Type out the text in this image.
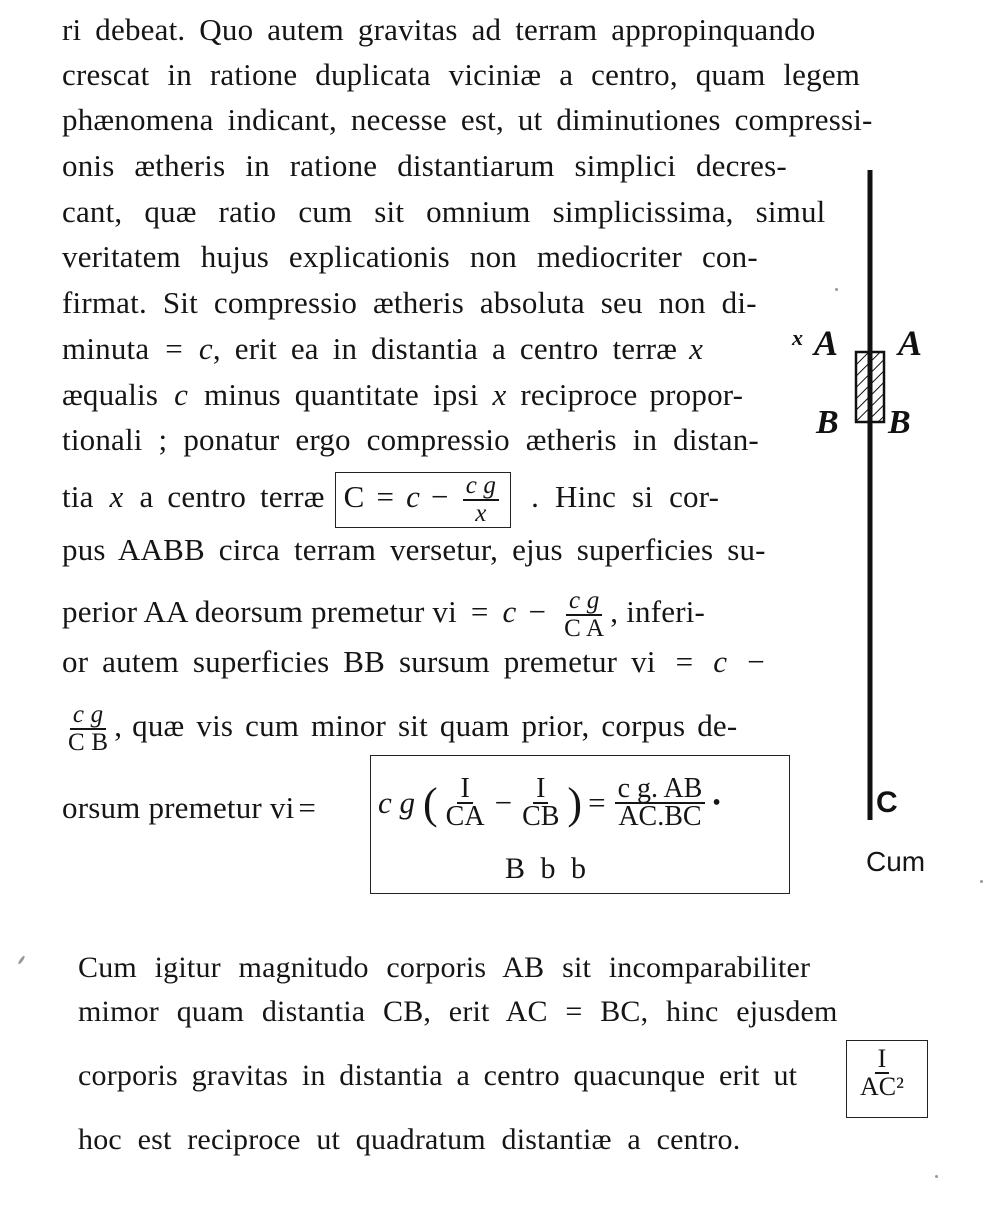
ri debeat. Quo autem gravitas ad terram appropinquando
crescat in ratione duplicata viciniæ a centro, quam legem
phænomena indicant, necesse est, ut diminutiones compressi-
onis ætheris in ratione distantiarum simplici decres-
cant, quæ ratio cum sit omnium simplicissima, simul
veritatem hujus explicationis non mediocriter con-
firmat. Sit compressio ætheris absoluta seu non di-
minuta = c, erit ea in distantia a centro terræ x
æqualis c minus quantitate ipsi x reciproce propor-
tionali ; ponatur ergo compressio ætheris in distan-
tia x a centro terræ $C = c - \frac{\text{c g}}{x}$ . Hinc si cor-
pus AABB circa terram versetur, ejus superficies su-
perior AA deorsum premetur vi = $c - \frac{\text{c g}}{\text{C A}}$ , inferi-
or autem superficies BB sursum premetur vi = c −
$\frac{\text{c g}}{\text{C B}}$ , quæ vis cum minor sit quam prior, corpus de-
orsum premetur vi =	c g ( $\frac{I}{CA} - \frac{I}{CB}$ ) = $\frac{\text{c g. AB}}{AC.BC}$ •
B b b	Cum
x A A
B B
C
Cum igitur magnitudo corporis AB sit incomparabiliter
mimor quam distantia CB, erit AC = BC, hinc ejusdem
corporis gravitas in distantia a centro quacunque erit ut	$\frac{I}{\text{AC²}}$
hoc est reciproce ut quadratum distantiæ a centro.
